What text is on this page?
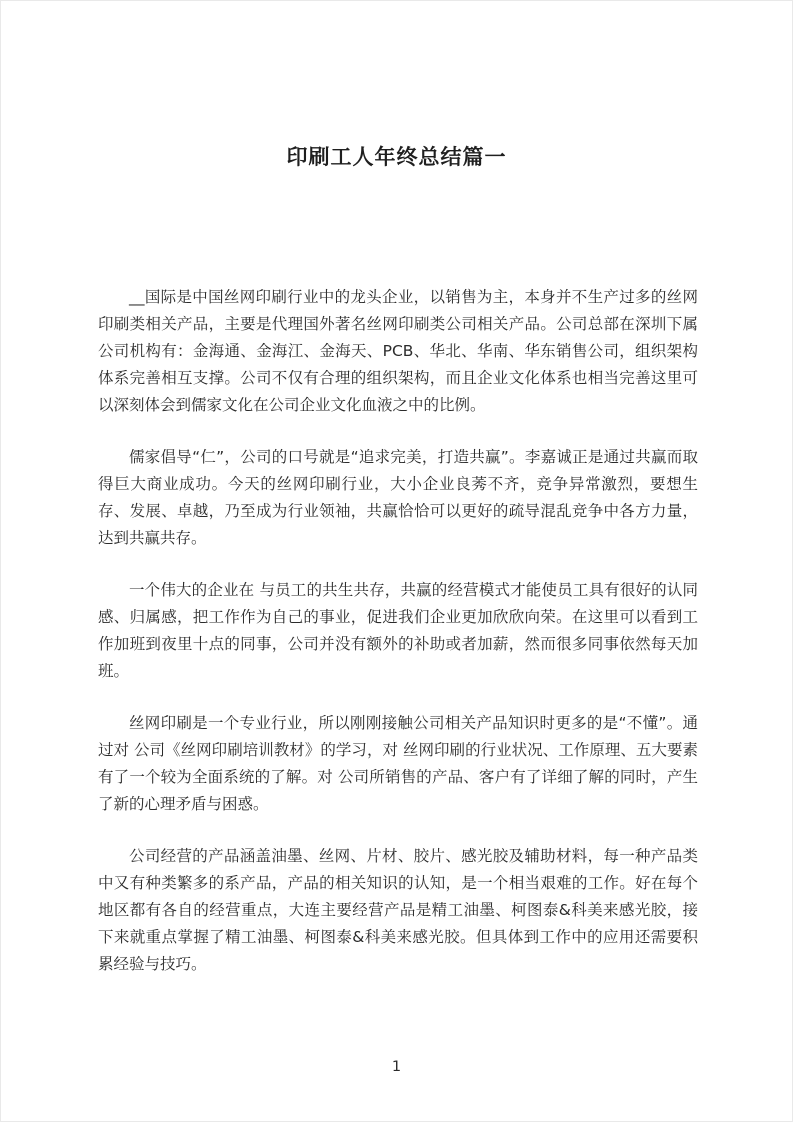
印刷工人年终总结篇一

__国际是中国丝网印刷行业中的龙头企业，以销售为主，本身并不生产过多的丝网印刷类相关产品，主要是代理国外著名丝网印刷类公司相关产品。公司总部在深圳下属公司机构有：金海通、金海江、金海天、PCB、华北、华南、华东销售公司，组织架构体系完善相互支撑。公司不仅有合理的组织架构，而且企业文化体系也相当完善这里可以深刻体会到儒家文化在公司企业文化血液之中的比例。

儒家倡导“仁”，公司的口号就是“追求完美，打造共赢”。李嘉诚正是通过共赢而取得巨大商业成功。今天的丝网印刷行业，大小企业良莠不齐，竞争异常激烈，要想生存、发展、卓越，乃至成为行业领袖，共赢恰恰可以更好的疏导混乱竞争中各方力量，达到共赢共存。

一个伟大的企业在 与员工的共生共存，共赢的经营模式才能使员工具有很好的认同感、归属感，把工作作为自己的事业，促进我们企业更加欣欣向荣。在这里可以看到工作加班到夜里十点的同事，公司并没有额外的补助或者加薪，然而很多同事依然每天加班。

丝网印刷是一个专业行业，所以刚刚接触公司相关产品知识时更多的是“不懂”。通过对 公司《丝网印刷培训教材》的学习，对 丝网印刷的行业状况、工作原理、五大要素有了一个较为全面系统的了解。对 公司所销售的产品、客户有了详细了解的同时，产生了新的心理矛盾与困惑。

公司经营的产品涵盖油墨、丝网、片材、胶片、感光胶及辅助材料，每一种产品类中又有种类繁多的系产品，产品的相关知识的认知，是一个相当艰难的工作。好在每个地区都有各自的经营重点，大连主要经营产品是精工油墨、柯图泰&科美来感光胶，接下来就重点掌握了精工油墨、柯图泰&科美来感光胶。但具体到工作中的应用还需要积累经验与技巧。

1
